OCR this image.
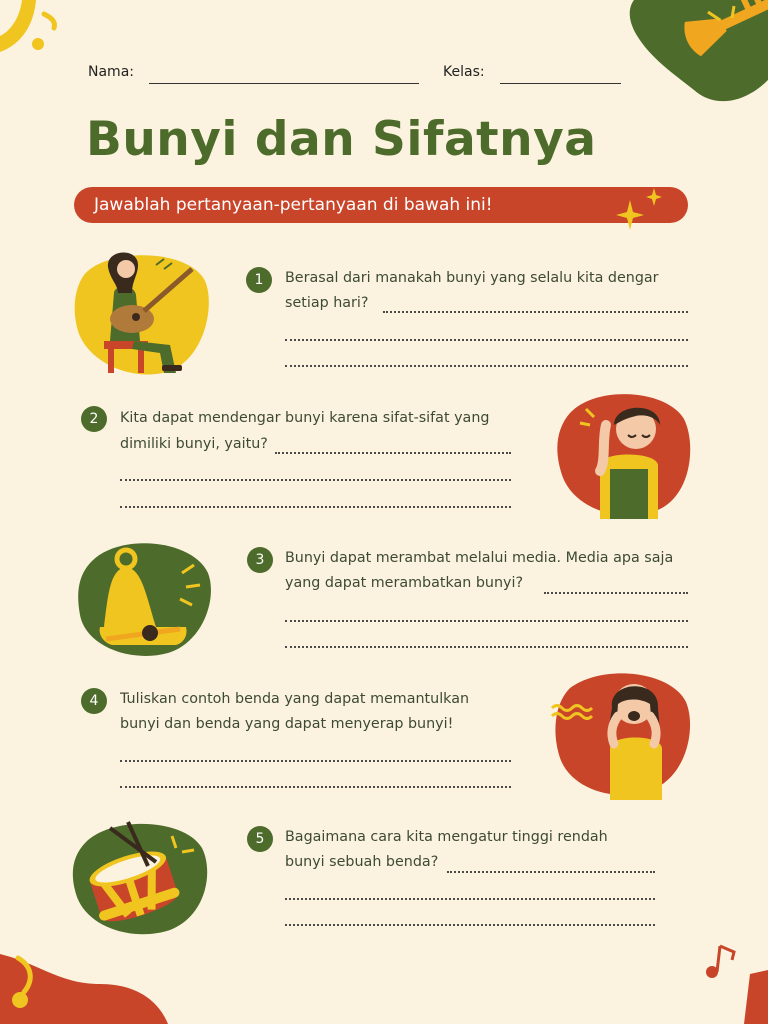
Nama:	Kelas:
Bunyi dan Sifatnya
Jawablah pertanyaan-pertanyaan di bawah ini!
1	Berasal dari manakah bunyi yang selalu kita dengar
setiap hari?
2	Kita dapat mendengar bunyi karena sifat-sifat yang
dimiliki bunyi, yaitu?
3	Bunyi dapat merambat melalui media. Media apa saja
yang dapat merambatkan bunyi?
4	Tuliskan contoh benda yang dapat memantulkan
bunyi dan benda yang dapat menyerap bunyi!
5	Bagaimana cara kita mengatur tinggi rendah
bunyi sebuah benda?
